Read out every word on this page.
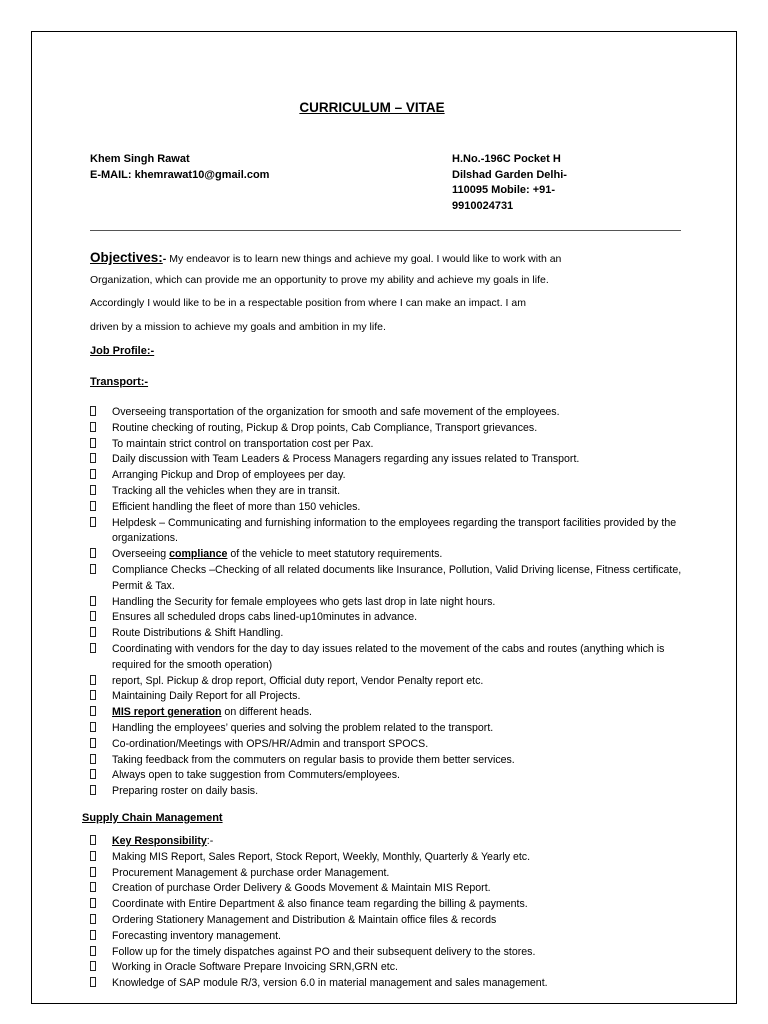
CURRICULUM – VITAE
Khem Singh Rawat
E-MAIL: khemrawat10@gmail.com
H.No.-196C Pocket H
Dilshad Garden Delhi-
110095 Mobile: +91-
9910024731
Objectives:- My endeavor is to learn new things and achieve my goal. I would like to work with an
Organization, which can provide me an opportunity to prove my ability and achieve my goals in life.
Accordingly I would like to be in a respectable position from where I can make an impact. I am
driven by a mission to achieve my goals and ambition in my life.
Job Profile:-
Transport:-
Overseeing transportation of the organization for smooth and safe movement of the employees.
Routine checking of routing, Pickup & Drop points, Cab Compliance, Transport grievances.
To maintain strict control on transportation cost per Pax.
Daily discussion with Team Leaders & Process Managers regarding any issues related to Transport.
Arranging Pickup and Drop of employees per day.
Tracking all the vehicles when they are in transit.
Efficient handling the fleet of more than 150 vehicles.
Helpdesk – Communicating and furnishing information to the employees regarding the transport facilities provided by the organizations.
Overseeing compliance of the vehicle to meet statutory requirements.
Compliance Checks –Checking of all related documents like Insurance, Pollution, Valid Driving license, Fitness certificate, Permit & Tax.
Handling the Security for female employees who gets last drop in late night hours.
Ensures all scheduled drops cabs lined-up10minutes in advance.
Route Distributions & Shift Handling.
Coordinating with vendors for the day to day issues related to the movement of the cabs and routes (anything which is required for the smooth operation)
report, Spl. Pickup & drop report, Official duty report, Vendor Penalty report etc.
Maintaining Daily Report for all Projects.
MIS report generation on different heads.
Handling the employees’ queries and solving the problem related to the transport.
Co-ordination/Meetings with OPS/HR/Admin and transport SPOCS.
Taking feedback from the commuters on regular basis to provide them better services.
Always open to take suggestion from Commuters/employees.
Preparing roster on daily basis.
Supply Chain Management
Key Responsibility:-
Making MIS Report, Sales Report, Stock Report, Weekly, Monthly, Quarterly & Yearly etc.
Procurement Management & purchase order Management.
Creation of purchase Order Delivery & Goods Movement & Maintain MIS Report.
Coordinate with Entire Department & also finance team regarding the billing & payments.
Ordering Stationery Management and Distribution & Maintain office files & records
Forecasting inventory management.
Follow up for the timely dispatches against PO and their subsequent delivery to the stores.
Working in Oracle Software Prepare Invoicing SRN,GRN etc.
Knowledge of SAP module R/3, version 6.0 in material management and sales management.
